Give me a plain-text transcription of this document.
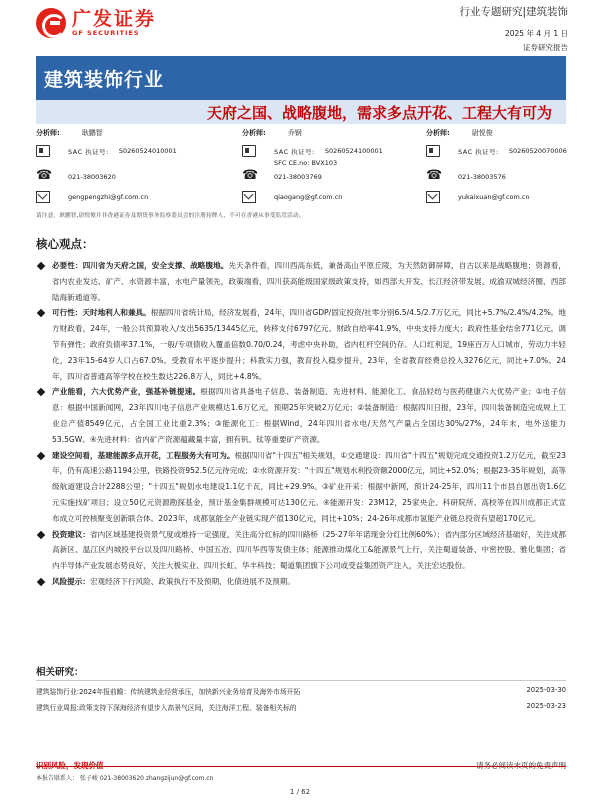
广发证券
GF SECURITIES
行业专题研究|建筑装饰
2025 年 4 月 1 日
证券研究报告
建筑装饰行业
天府之国、战略腹地，需求多点开花、工程大有可为
分析师:	耿鹏智
SAC 执证号: S0260524010001
☎
021-38003620
gengpengzhi@gf.com.cn
分析师:	乔钢
SAC 执证号: S0260524100001
SFC CE.no: BVX103
☎
021-38003769
qiaogang@gf.com.cn
分析师:	尉悦俊
SAC 执证号: S0260520070006
☎
021-38003576
yukaixuan@gf.com.cn
请注意，耿鹏智,尉悦俊并非香港证券及期货事务监察委员会的注册持牌人，不可在香港从事受监管活动。
核心观点：
必要性：四川省为天府之国，安全支撑、战略腹地。先天条件看，四川西高东低，兼备高山平原丘陵，为天然防御屏障，自古以来是战略腹地；资源看，省内农业发达、矿产、水资源丰富，水电产量领先，政策端看，四川获高能级国家级政策支持，如西部大开发、长江经济带发展、成渝双城经济圈、西部陆海新通道等。
可行性：天时地利人和兼具。根据四川省统计局，经济发展看，24年，四川省GDP/固定投资/社零分别6.5/4.5/2.7万亿元，同比+5.7%/2.4%/4.2%。地方财政看，24年，一般公共预算收入/支出5635/13445亿元，转移支付6797亿元、财政自给率41.9%，中央支持力度大；政府性基金结余771亿元，调节有弹性；政府负债率37.1%，一般/专项债收入覆盖倍数0.70/0.24，考虑中央补助，省内杠杆空间仍存。人口红利足，19座百万人口城市，劳动力丰轻化，23年15-64岁人口占67.0%。受教育水平逐步提升；科教实力强，教育投入稳步提升，23年，全省教育经费总投入3276亿元，同比+7.0%。24年，四川省普通高等学校在校生数达226.8万人，同比+4.8%。
产业能看，六大优势产业，强基补链提速。根据四川省具备电子信息、装备制造、先进材料、能源化工、食品轻纺与医药健康六大优势产业；①电子信息：根据中国新闻网，23年四川电子信息产业规模达1.6万亿元，预期25年突破2万亿元；②装备制造：根据四川日报，23年，四川装备制造完成规上工业总产值8549亿元，占全国工业比重2.3%；③能源化工：根据Wind，24年四川省水电/天然气产量占全国达30%/27%，24年末，电外送能力53.5GW。④先进材料：省内矿产资源蕴藏量丰富，拥有钒、钛等重要矿产资源。
建设空间看，基建能源多点开花，工程服务大有可为。根据四川省"十四五"相关规划，①交通建设：四川省"十四五"规划完成交通投资1.2万亿元，截至23年，仍有高速公路1194公里，铁路投资952.5亿元待完成；②水资源开发："十四五"规划水利投资额2000亿元，同比+52.0%；根据23-35年规划，高等级航道建设合计2288公里；"十四五"规划水电建设1.1亿千瓦，同比+29.9%。③矿业开采：根据中新网，预计24-25年，四川11个市县自恩出资1.6亿元实施找矿项目；设立50亿元资源勘探基金，预计基金集群规模可达130亿元。④能源开发：23M12，25家央企、科研院所、高校等在四川成都正式宣布成立可控核聚变创新联合体。2023年，成都氢能全产业链实现产值130亿元，同比+10%；24-26年成都市氢能产业链总投资有望超170亿元。
投资建议：省内区域基建投资景气度或维持一定强度，关注高分红标的四川路桥（25-27年年诺现金分红比例60%）；省内部分区域经济基础好，关注成都高新区、温江区内城投平台以及四川路桥、中国五冶、四川华西等发债主体；能源推动煤化工&能源景气上行，关注蜀道装备、中密控股、雅化集团；省内半导体产业发展态势良好，关注大极实业、四川长虹、华丰科技；蜀道集团旗下公司或受益集团资产注入，关注宏达股份。
风险提示：宏观经济下行风险、政策执行不及预期、化债进展不及预期。
相关研究：
建筑装饰行业:2024年报前瞻：传统建筑业经营承压，加快新兴业务培育及海外市场开拓	2025-03-30
建筑行业周报:政策支持下深海经济有望步入高景气区间，关注海洋工程、装备相关标的	2025-03-23
本报告联系人： 张子峻 021-38003620 zhangzijun@gf.com.cn
1 / 62
